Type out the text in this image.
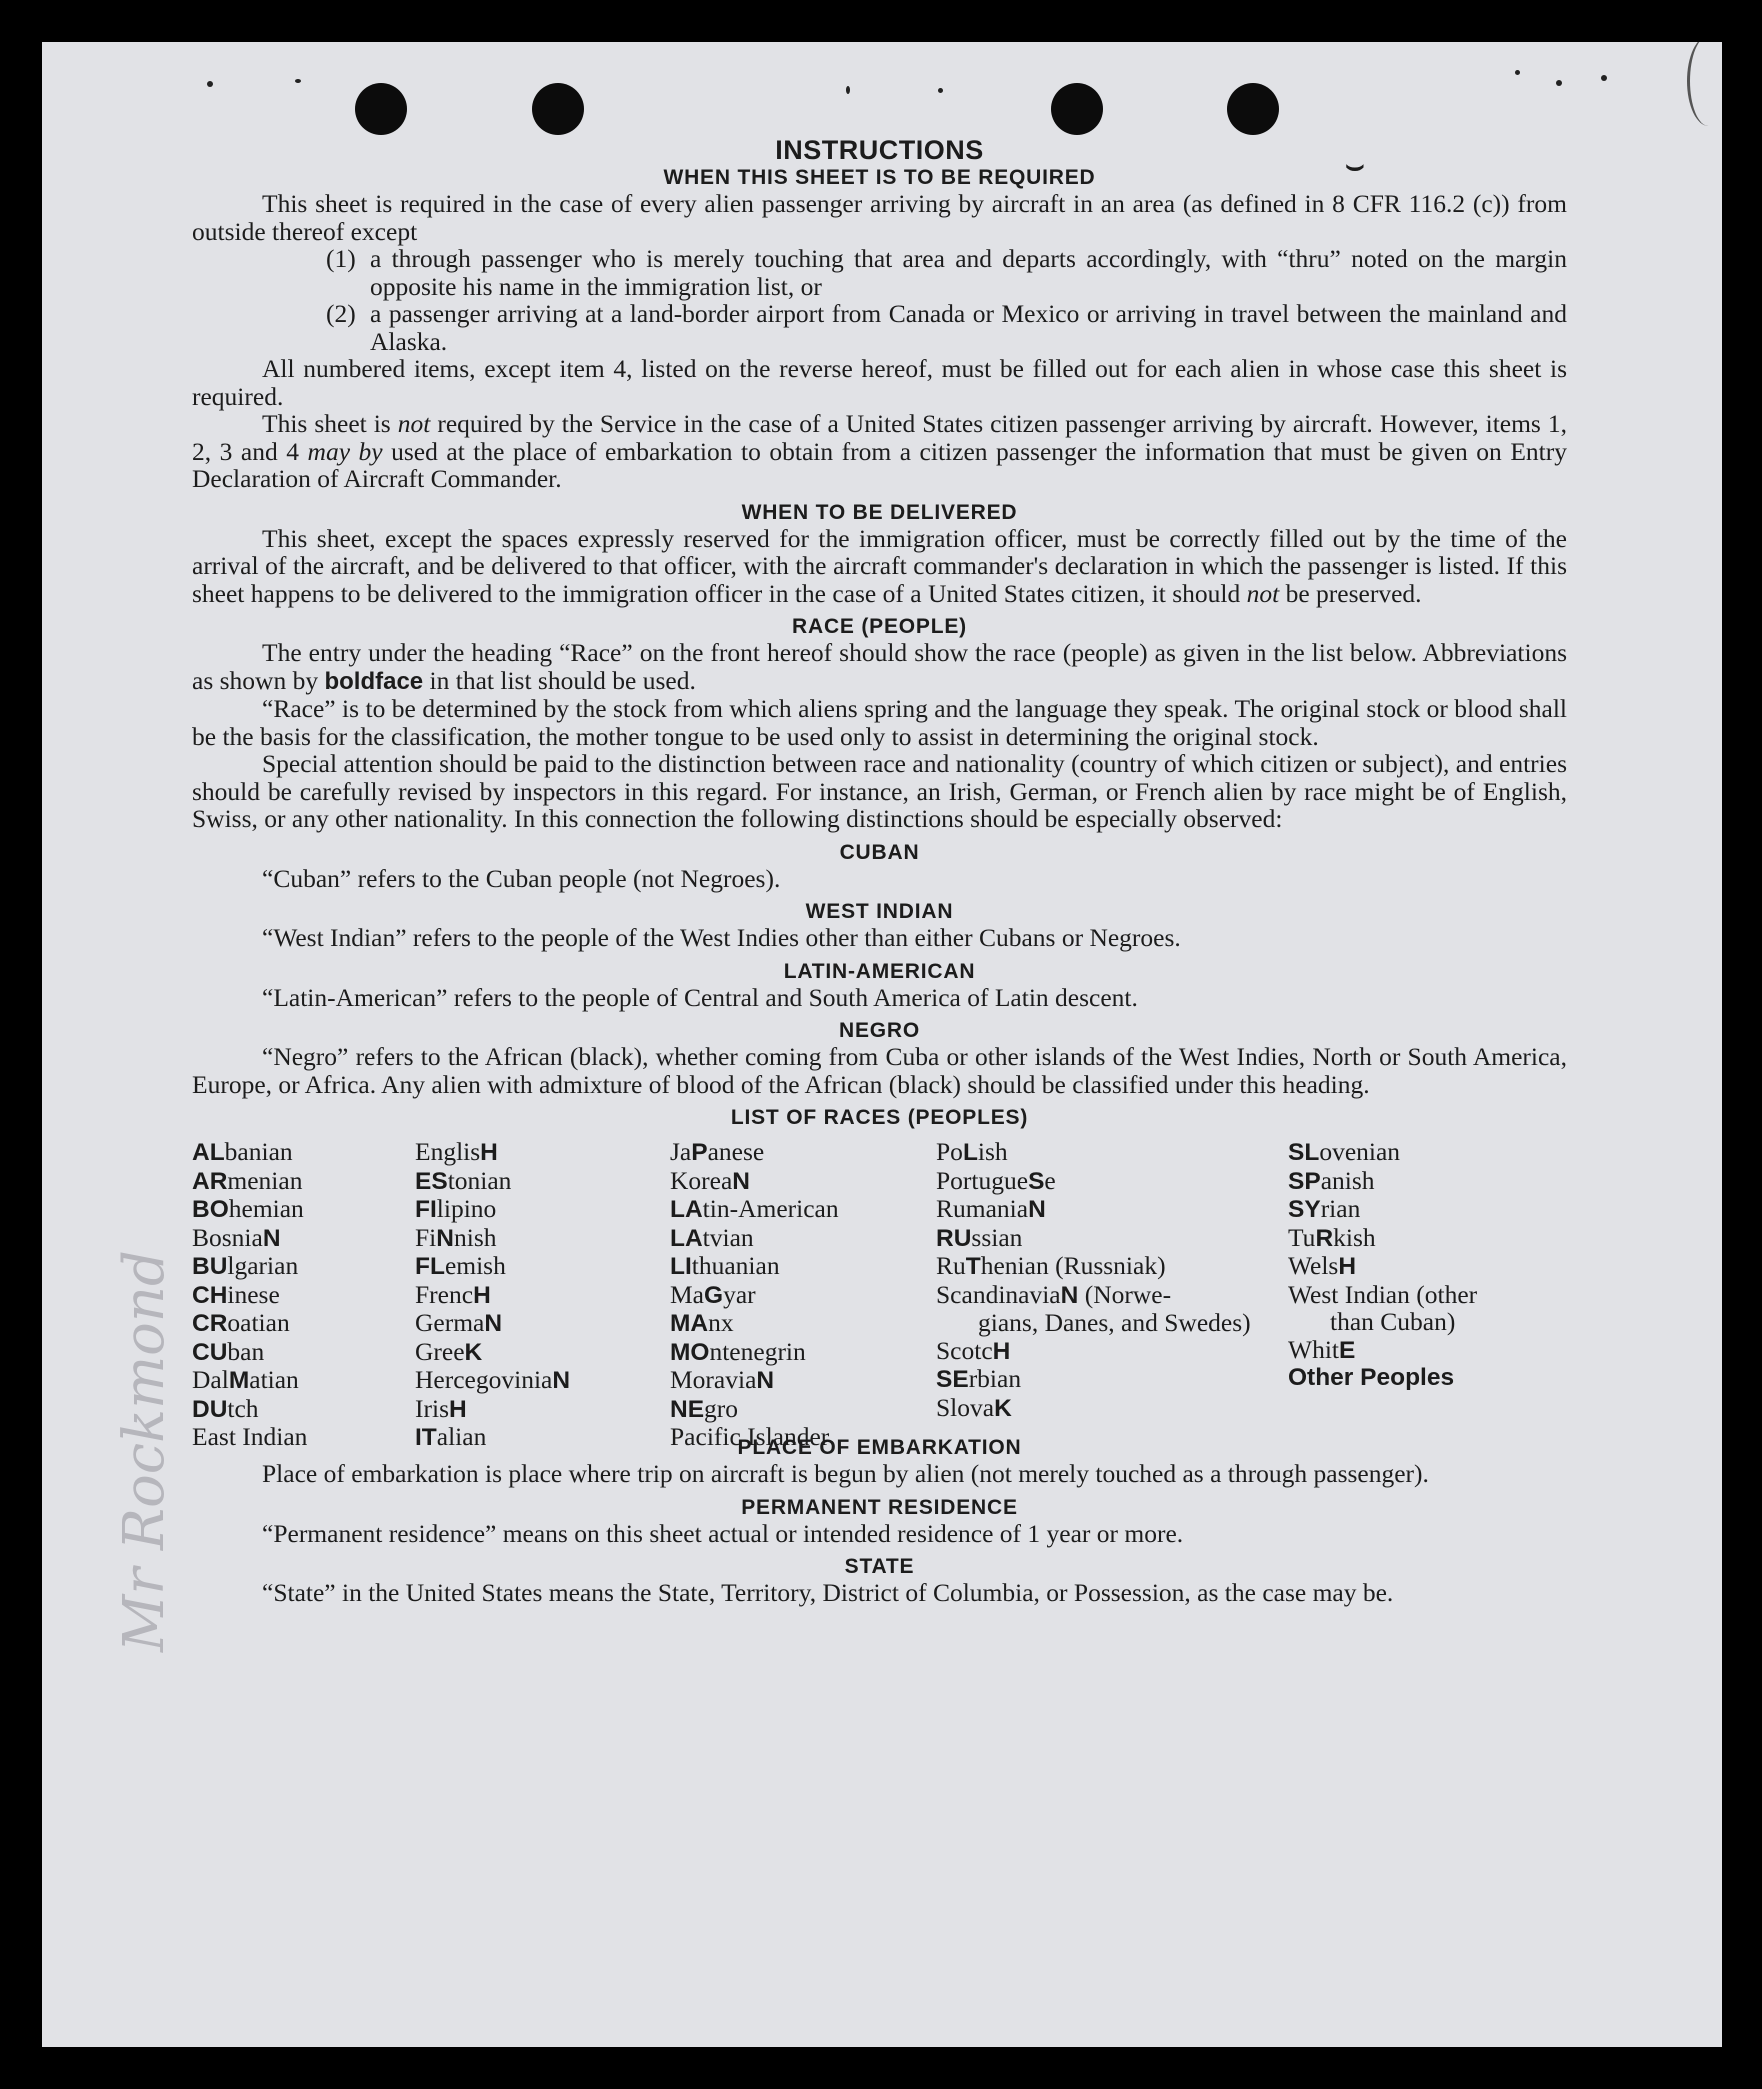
⌣
Mr Rockmond
INSTRUCTIONS
WHEN THIS SHEET IS TO BE REQUIRED

This sheet is required in the case of every alien passenger arriving by aircraft in an area (as defined in 8 CFR 116.2 (c)) from outside thereof except

(1) a through passenger who is merely touching that area and departs accordingly, with “thru” noted on the margin opposite his name in the immigration list, or
(2) a passenger arriving at a land-border airport from Canada or Mexico or arriving in travel between the mainland and Alaska.

All numbered items, except item 4, listed on the reverse hereof, must be filled out for each alien in whose case this sheet is required.

This sheet is not required by the Service in the case of a United States citizen passenger arriving by aircraft. However, items 1, 2, 3 and 4 may by used at the place of embarkation to obtain from a citizen passenger the information that must be given on Entry Declaration of Aircraft Commander.

WHEN TO BE DELIVERED

This sheet, except the spaces expressly reserved for the immigration officer, must be correctly filled out by the time of the arrival of the aircraft, and be delivered to that officer, with the aircraft commander's declaration in which the passenger is listed. If this sheet happens to be delivered to the immigration officer in the case of a United States citizen, it should not be preserved.

RACE (PEOPLE)

The entry under the heading “Race” on the front hereof should show the race (people) as given in the list below. Abbreviations as shown by boldface in that list should be used.

“Race” is to be determined by the stock from which aliens spring and the language they speak. The original stock or blood shall be the basis for the classification, the mother tongue to be used only to assist in determining the original stock.

Special attention should be paid to the distinction between race and nationality (country of which citizen or subject), and entries should be carefully revised by inspectors in this regard. For instance, an Irish, German, or French alien by race might be of English, Swiss, or any other nationality. In this connection the following distinctions should be especially observed:

CUBAN

“Cuban” refers to the Cuban people (not Negroes).

WEST INDIAN

“West Indian” refers to the people of the West Indies other than either Cubans or Negroes.

LATIN-AMERICAN

“Latin-American” refers to the people of Central and South America of Latin descent.

NEGRO

“Negro” refers to the African (black), whether coming from Cuba or other islands of the West Indies, North or South America, Europe, or Africa. Any alien with admixture of blood of the African (black) should be classified under this heading.

LIST OF RACES (PEOPLES)
ALbanian
ARmenian
BOhemian
BosniaN
BUlgarian
CHinese
CRoatian
CUban
DalMatian
DUtch
East Indian
EnglisH
EStonian
FIlipino
FiNnish
FLemish
FrencH
GermaN
GreeK
HercegoviniaN
IrisH
ITalian
JaPanese
KoreaN
LAtin-American
LAtvian
LIthuanian
MaGyar
MAnx
MOntenegrin
MoraviaN
NEgro
Pacific Islander
PoLish
PortugueSe
RumaniaN
RUssian
RuThenian (Russniak)
ScandinaviaN (Norwe-
gians, Danes, and Swedes)
ScotcH
SErbian
SlovaK
SLovenian
SPanish
SYrian
TuRkish
WelsH
West Indian (other
than Cuban)
WhitE
Other Peoples
PLACE OF EMBARKATION

Place of embarkation is place where trip on aircraft is begun by alien (not merely touched as a through passenger).

PERMANENT RESIDENCE

“Permanent residence” means on this sheet actual or intended residence of 1 year or more.

STATE

“State” in the United States means the State, Territory, District of Columbia, or Possession, as the case may be.
